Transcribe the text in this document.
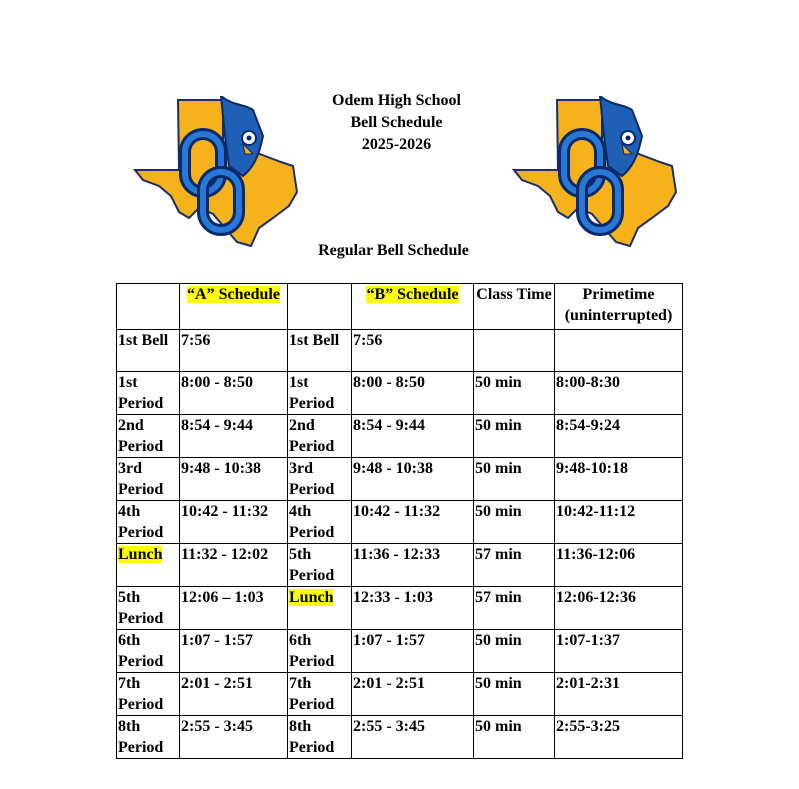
Odem High School
Bell Schedule
2025-2026
Regular Bell Schedule
	“A” Schedule		“B” Schedule	Class Time	Primetime (uninterrupted)
1st Bell	7:56	1st Bell	7:56		
1st Period	8:00 - 8:50	1st Period	8:00 - 8:50	50 min	8:00-8:30
2nd Period	8:54 - 9:44	2nd Period	8:54 - 9:44	50 min	8:54-9:24
3rd Period	9:48 - 10:38	3rd Period	9:48 - 10:38	50 min	9:48-10:18
4th Period	10:42 - 11:32	4th Period	10:42 - 11:32	50 min	10:42-11:12
Lunch	11:32 - 12:02	5th Period	11:36 - 12:33	57 min	11:36-12:06
5th Period	12:06 – 1:03	Lunch	12:33 - 1:03	57 min	12:06-12:36
6th Period	1:07 - 1:57	6th Period	1:07 - 1:57	50 min	1:07-1:37
7th Period	2:01 - 2:51	7th Period	2:01 - 2:51	50 min	2:01-2:31
8th Period	2:55 - 3:45	8th Period	2:55 - 3:45	50 min	2:55-3:25
